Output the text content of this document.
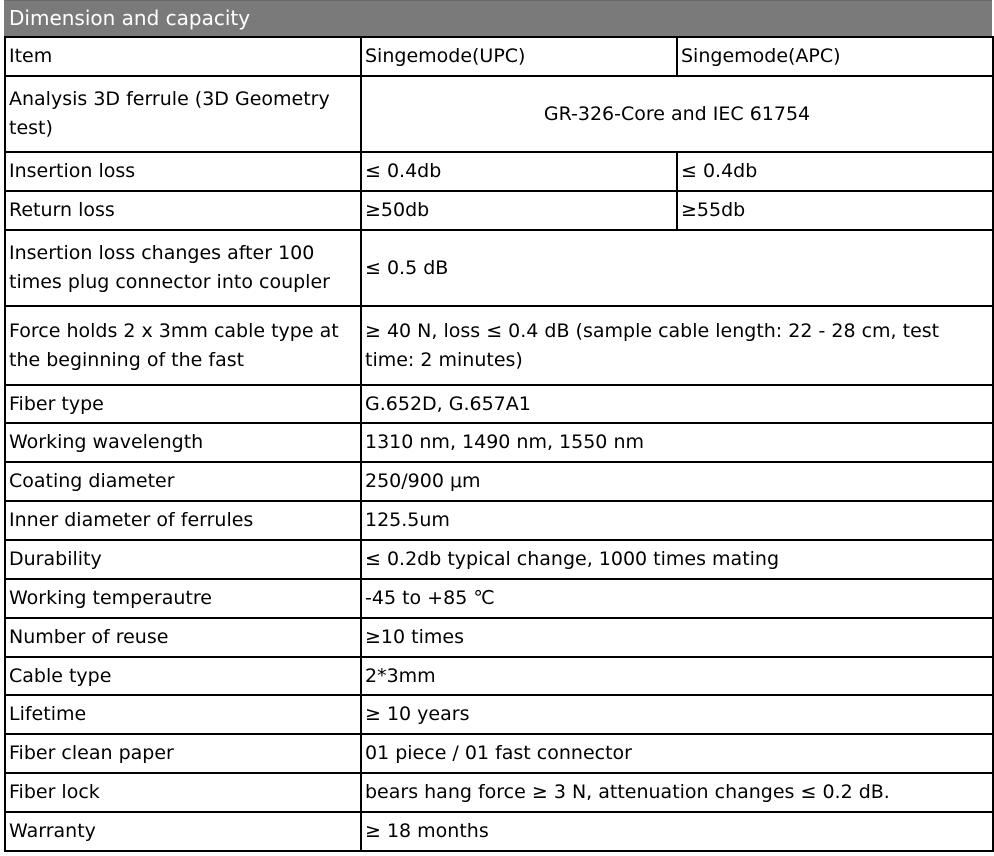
Dimension and capacity
Item	Singemode(UPC)	Singemode(APC)
Analysis 3D ferrule (3D Geometry test)	GR-326-Core and IEC 61754	
Insertion loss	≤ 0.4db	≤ 0.4db
Return loss	≥50db	≥55db
Insertion loss changes after 100 times plug connector into coupler	≤ 0.5 dB	
Force holds 2 x 3mm cable type at the beginning of the fast	≥ 40 N, loss ≤ 0.4 dB (sample cable length: 22 - 28 cm, test time: 2 minutes)	
Fiber type	G.652D, G.657A1	
Working wavelength	1310 nm, 1490 nm, 1550 nm	
Coating diameter	250/900 μm	
Inner diameter of ferrules	125.5um	
Durability	≤ 0.2db typical change, 1000 times mating	
Working temperautre	-45 to +85 ℃	
Number of reuse	≥10 times	
Cable type	2*3mm	
Lifetime	≥ 10 years	
Fiber clean paper	01 piece / 01 fast connector	
Fiber lock	bears hang force ≥ 3 N, attenuation changes ≤ 0.2 dB.	
Warranty	≥ 18 months	
